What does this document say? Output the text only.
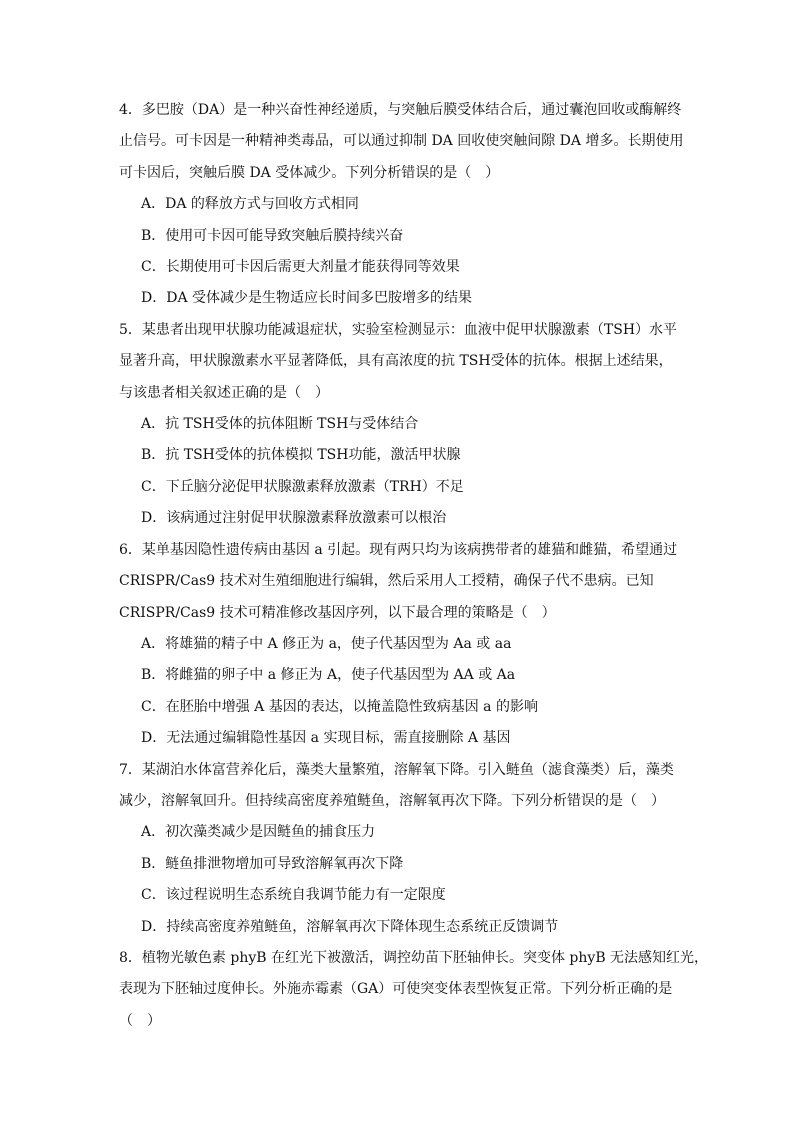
4．多巴胺（DA）是一种兴奋性神经递质，与突触后膜受体结合后，通过囊泡回收或酶解终
止信号。可卡因是一种精神类毒品，可以通过抑制 DA 回收使突触间隙 DA 增多。长期使用
可卡因后，突触后膜 DA 受体减少。下列分析错误的是（　）
A．DA 的释放方式与回收方式相同
B．使用可卡因可能导致突触后膜持续兴奋
C．长期使用可卡因后需更大剂量才能获得同等效果
D．DA 受体减少是生物适应长时间多巴胺增多的结果
5．某患者出现甲状腺功能减退症状，实验室检测显示：血液中促甲状腺激素（TSH）水平
显著升高，甲状腺激素水平显著降低，具有高浓度的抗 TSH受体的抗体。根据上述结果，
与该患者相关叙述正确的是（　）
A．抗 TSH受体的抗体阻断 TSH与受体结合
B．抗 TSH受体的抗体模拟 TSH功能，激活甲状腺
C．下丘脑分泌促甲状腺激素释放激素（TRH）不足
D．该病通过注射促甲状腺激素释放激素可以根治
6．某单基因隐性遗传病由基因 a 引起。现有两只均为该病携带者的雄猫和雌猫，希望通过
CRISPR/Cas9 技术对生殖细胞进行编辑，然后采用人工授精，确保子代不患病。已知
CRISPR/Cas9 技术可精准修改基因序列，以下最合理的策略是（　）
A．将雄猫的精子中 A 修正为 a，使子代基因型为 Aa 或 aa
B．将雌猫的卵子中 a 修正为 A，使子代基因型为 AA 或 Aa
C．在胚胎中增强 A 基因的表达，以掩盖隐性致病基因 a 的影响
D．无法通过编辑隐性基因 a 实现目标，需直接删除 A 基因
7．某湖泊水体富营养化后，藻类大量繁殖，溶解氧下降。引入鲢鱼（滤食藻类）后，藻类
减少，溶解氧回升。但持续高密度养殖鲢鱼，溶解氧再次下降。下列分析错误的是（　）
A．初次藻类减少是因鲢鱼的捕食压力
B．鲢鱼排泄物增加可导致溶解氧再次下降
C．该过程说明生态系统自我调节能力有一定限度
D．持续高密度养殖鲢鱼，溶解氧再次下降体现生态系统正反馈调节
8．植物光敏色素 phyB 在红光下被激活，调控幼苗下胚轴伸长。突变体 phyB 无法感知红光，
表现为下胚轴过度伸长。外施赤霉素（GA）可使突变体表型恢复正常。下列分析正确的是
（　）
